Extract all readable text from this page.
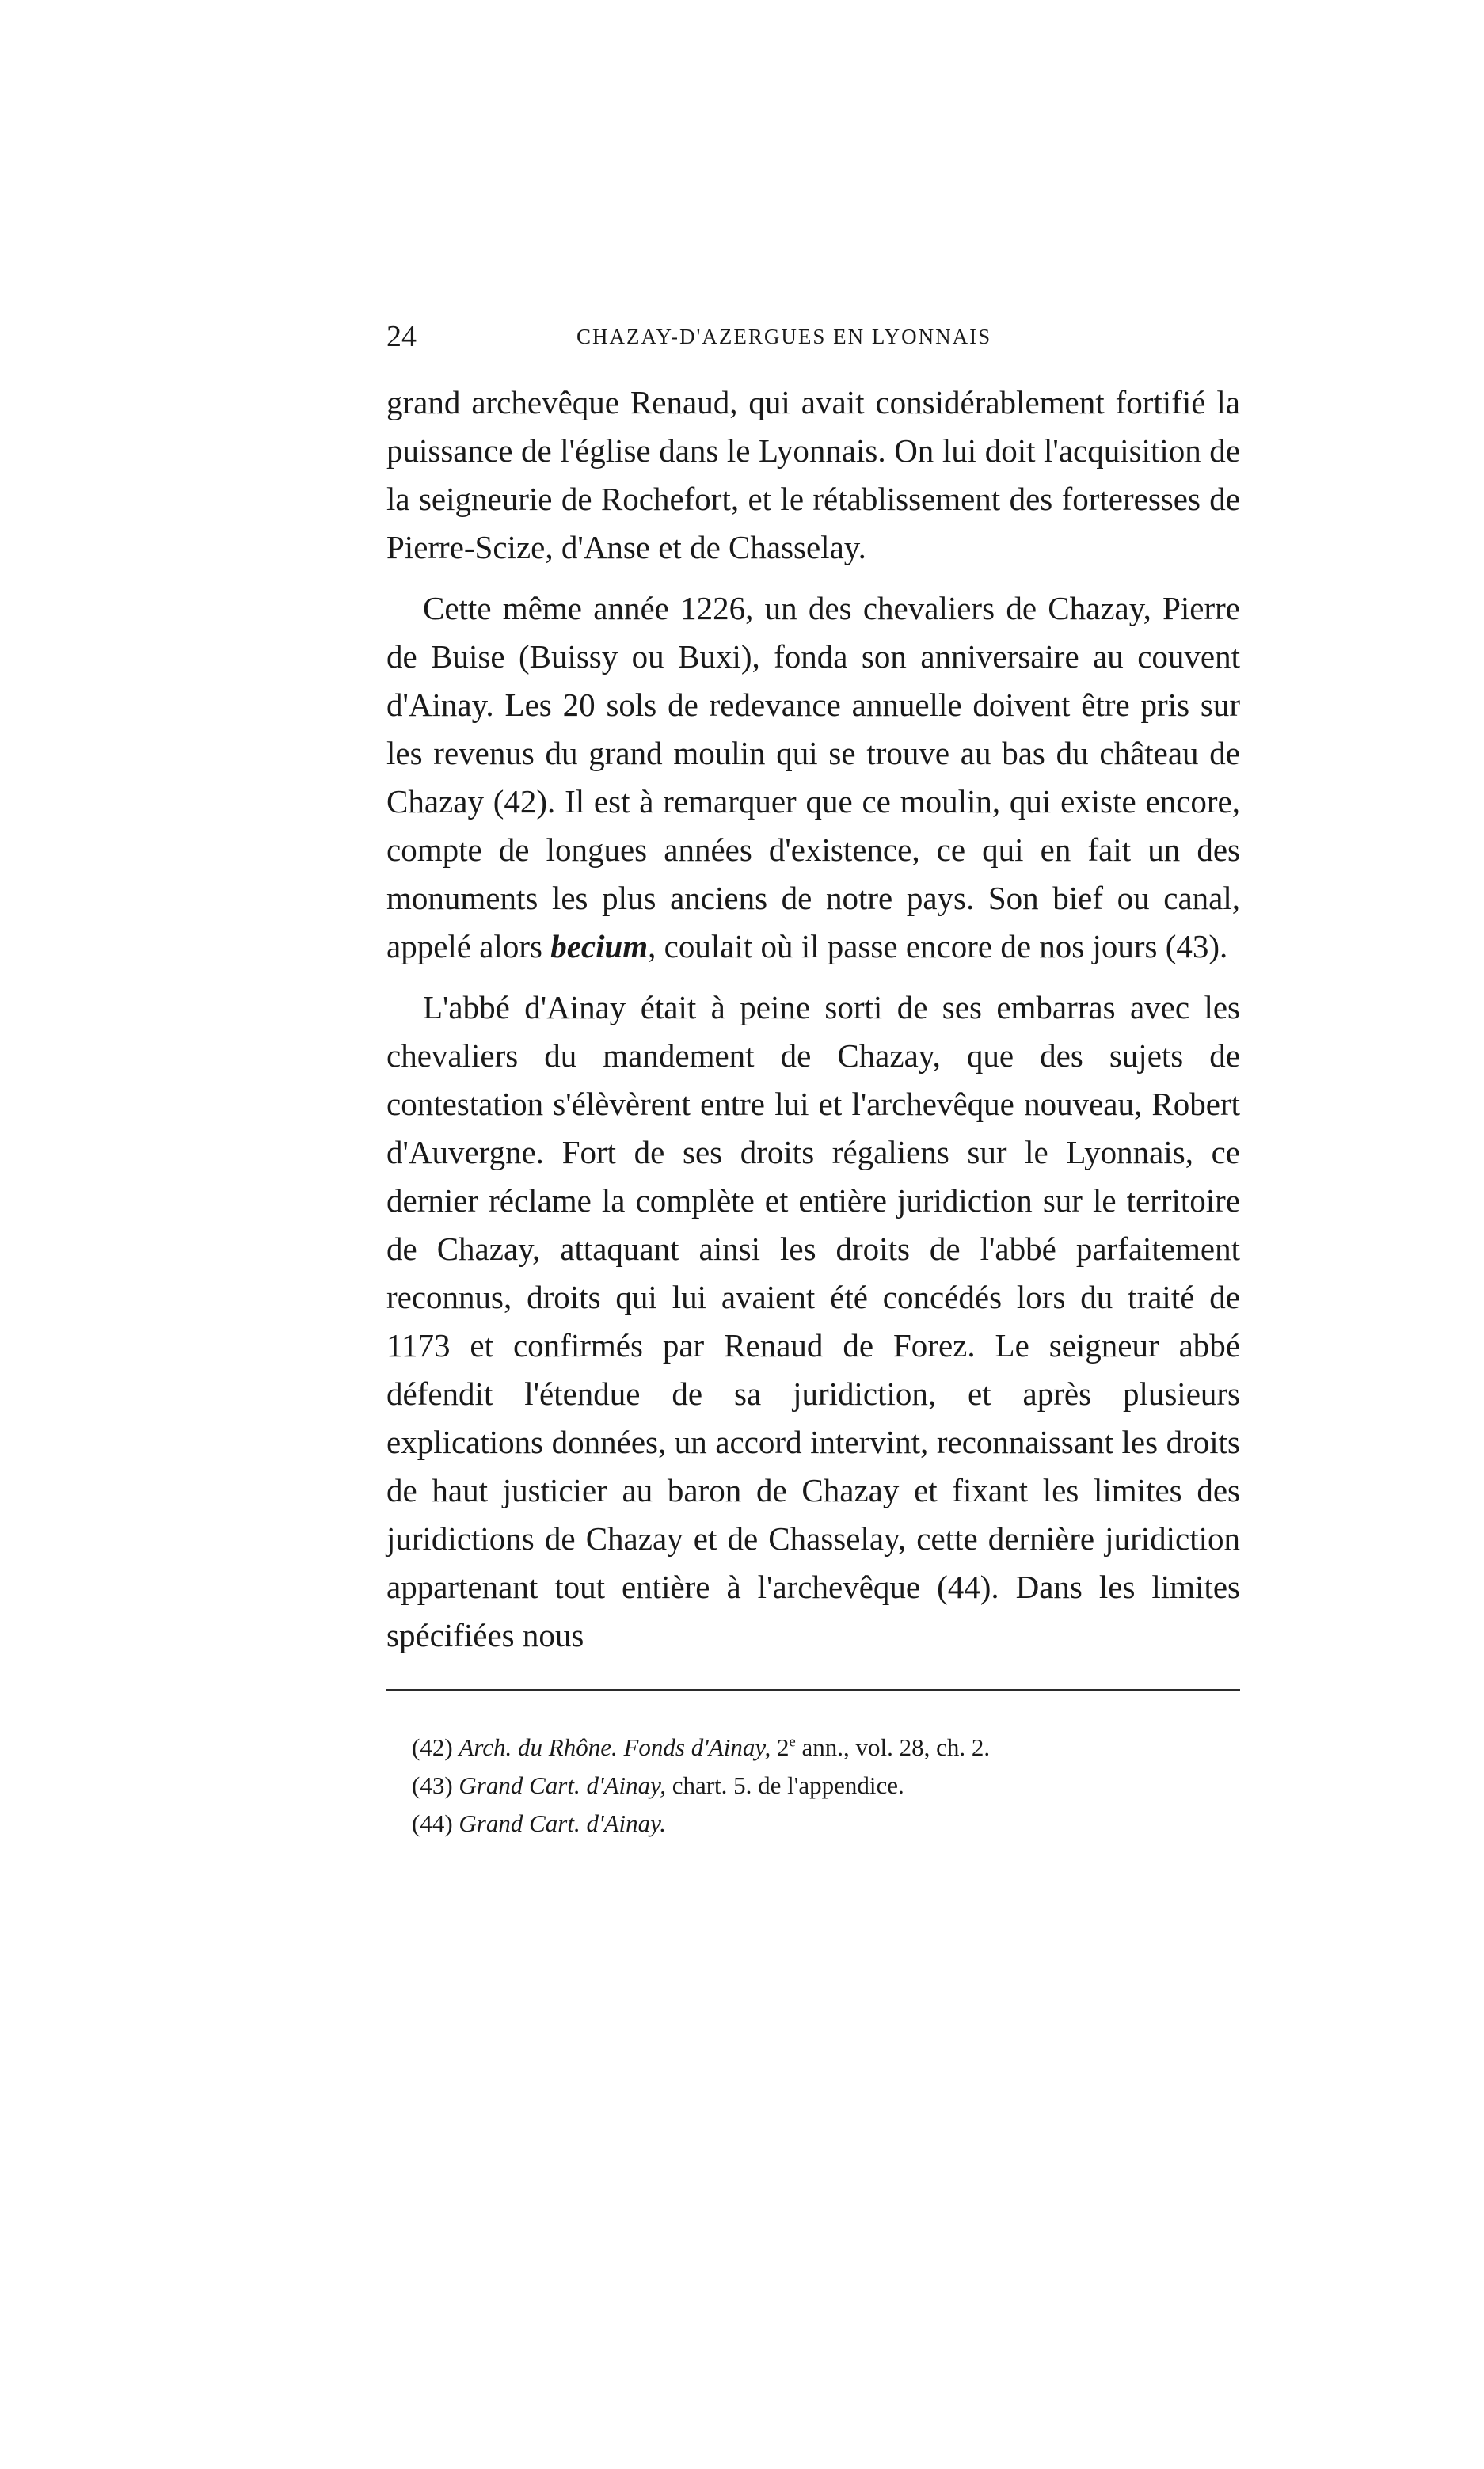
24	CHAZAY-D'AZERGUES EN LYONNAIS

grand archevêque Renaud, qui avait considérablement fortifié la puissance de l'église dans le Lyonnais. On lui doit l'acquisition de la seigneurie de Rochefort, et le rétablissement des forteresses de Pierre-Scize, d'Anse et de Chasselay.

Cette même année 1226, un des chevaliers de Chazay, Pierre de Buise (Buissy ou Buxi), fonda son anniversaire au couvent d'Ainay. Les 20 sols de redevance annuelle doivent être pris sur les revenus du grand moulin qui se trouve au bas du château de Chazay (42). Il est à remarquer que ce moulin, qui existe encore, compte de longues années d'existence, ce qui en fait un des monuments les plus anciens de notre pays. Son bief ou canal, appelé alors becium, coulait où il passe encore de nos jours (43).

L'abbé d'Ainay était à peine sorti de ses embarras avec les chevaliers du mandement de Chazay, que des sujets de contestation s'élèvèrent entre lui et l'archevêque nouveau, Robert d'Auvergne. Fort de ses droits régaliens sur le Lyonnais, ce dernier réclame la complète et entière juridiction sur le territoire de Chazay, attaquant ainsi les droits de l'abbé parfaitement reconnus, droits qui lui avaient été concédés lors du traité de 1173 et confirmés par Renaud de Forez. Le seigneur abbé défendit l'étendue de sa juridiction, et après plusieurs explications données, un accord intervint, reconnaissant les droits de haut justicier au baron de Chazay et fixant les limites des juridictions de Chazay et de Chasselay, cette dernière juridiction appartenant tout entière à l'archevêque (44). Dans les limites spécifiées nous

(42) Arch. du Rhône. Fonds d'Ainay, 2e ann., vol. 28, ch. 2.
(43) Grand Cart. d'Ainay, chart. 5. de l'appendice.
(44) Grand Cart. d'Ainay.
